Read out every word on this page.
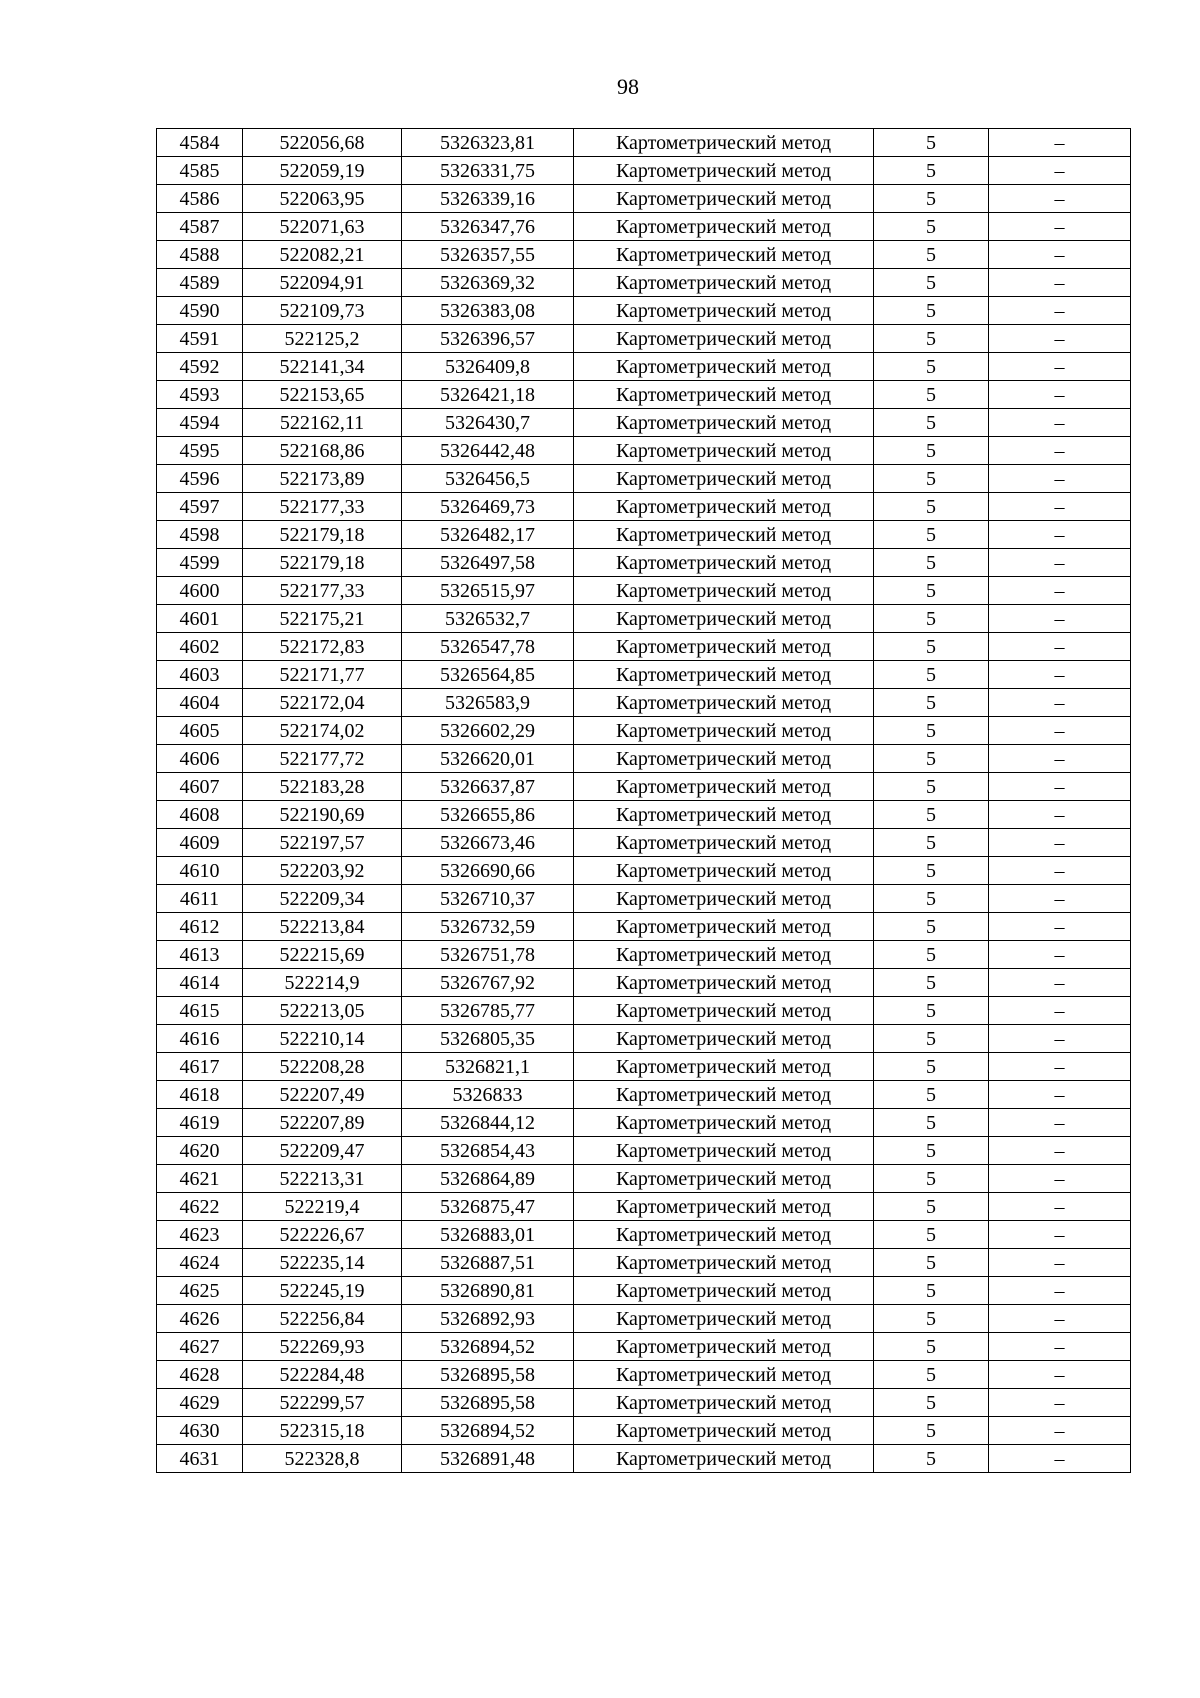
98
4584	522056,68	5326323,81	Картометрический метод	5	–
4585	522059,19	5326331,75	Картометрический метод	5	–
4586	522063,95	5326339,16	Картометрический метод	5	–
4587	522071,63	5326347,76	Картометрический метод	5	–
4588	522082,21	5326357,55	Картометрический метод	5	–
4589	522094,91	5326369,32	Картометрический метод	5	–
4590	522109,73	5326383,08	Картометрический метод	5	–
4591	522125,2	5326396,57	Картометрический метод	5	–
4592	522141,34	5326409,8	Картометрический метод	5	–
4593	522153,65	5326421,18	Картометрический метод	5	–
4594	522162,11	5326430,7	Картометрический метод	5	–
4595	522168,86	5326442,48	Картометрический метод	5	–
4596	522173,89	5326456,5	Картометрический метод	5	–
4597	522177,33	5326469,73	Картометрический метод	5	–
4598	522179,18	5326482,17	Картометрический метод	5	–
4599	522179,18	5326497,58	Картометрический метод	5	–
4600	522177,33	5326515,97	Картометрический метод	5	–
4601	522175,21	5326532,7	Картометрический метод	5	–
4602	522172,83	5326547,78	Картометрический метод	5	–
4603	522171,77	5326564,85	Картометрический метод	5	–
4604	522172,04	5326583,9	Картометрический метод	5	–
4605	522174,02	5326602,29	Картометрический метод	5	–
4606	522177,72	5326620,01	Картометрический метод	5	–
4607	522183,28	5326637,87	Картометрический метод	5	–
4608	522190,69	5326655,86	Картометрический метод	5	–
4609	522197,57	5326673,46	Картометрический метод	5	–
4610	522203,92	5326690,66	Картометрический метод	5	–
4611	522209,34	5326710,37	Картометрический метод	5	–
4612	522213,84	5326732,59	Картометрический метод	5	–
4613	522215,69	5326751,78	Картометрический метод	5	–
4614	522214,9	5326767,92	Картометрический метод	5	–
4615	522213,05	5326785,77	Картометрический метод	5	–
4616	522210,14	5326805,35	Картометрический метод	5	–
4617	522208,28	5326821,1	Картометрический метод	5	–
4618	522207,49	5326833	Картометрический метод	5	–
4619	522207,89	5326844,12	Картометрический метод	5	–
4620	522209,47	5326854,43	Картометрический метод	5	–
4621	522213,31	5326864,89	Картометрический метод	5	–
4622	522219,4	5326875,47	Картометрический метод	5	–
4623	522226,67	5326883,01	Картометрический метод	5	–
4624	522235,14	5326887,51	Картометрический метод	5	–
4625	522245,19	5326890,81	Картометрический метод	5	–
4626	522256,84	5326892,93	Картометрический метод	5	–
4627	522269,93	5326894,52	Картометрический метод	5	–
4628	522284,48	5326895,58	Картометрический метод	5	–
4629	522299,57	5326895,58	Картометрический метод	5	–
4630	522315,18	5326894,52	Картометрический метод	5	–
4631	522328,8	5326891,48	Картометрический метод	5	–
